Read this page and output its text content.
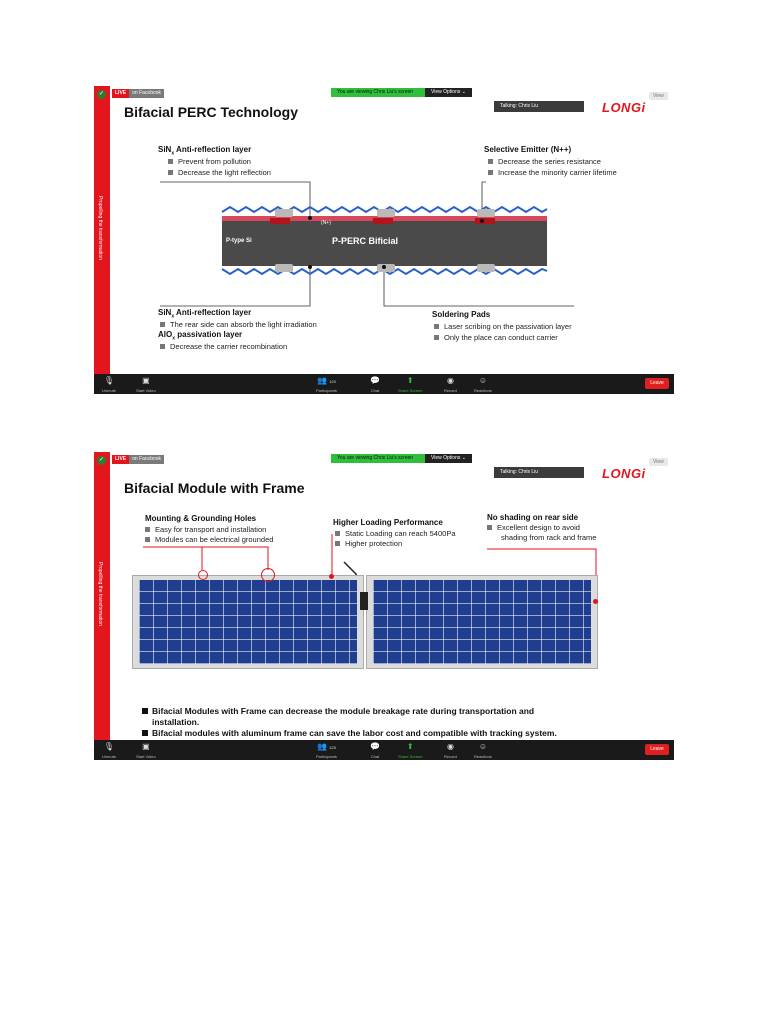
✓
Propelling the transformation
LIVE	on Facebook	You are viewing Chris Liu's screen	View Options ⌄
View
Talking: Chris Liu	LONGi
Bifacial PERC Technology
SiN$_x$ Anti-reflection layer
Prevent from pollution
Decrease the light reflection
Selective Emitter (N++)
Decrease the series resistance
Increase the minority carrier lifetime
(N+)
P-type Si	P-PERC Bificial
SiN$_x$ Anti-reflection layer
The rear side can absorb the light irradiation
AlO$_x$ passivation layer
Decrease the carrier recombination
Soldering Pads
Laser scribing on the passivation layer
Only the place can conduct carrier
🎙
Unmute
▣
Start Video
👥 120
Participants
💬
Chat
⬆
Share Screen
◉
Record
☺
Reactions
Leave
✓
Propelling the transformation
LIVE	on Facebook	You are viewing Chris Liu's screen	View Options ⌄
View
Talking: Chris Liu	LONGi
Bifacial Module with Frame
Mounting & Grounding Holes
Easy for transport and installation
Modules can be electrical grounded
Higher Loading Performance
Static Loading can reach 5400Pa
Higher protection
No shading on rear side
Excellent design to avoid
shading from rack and frame
Bifacial Modules with Frame can decrease the module breakage rate during transportation and
installation.
Bifacial modules with aluminum frame can save the labor cost and compatible with tracking system.
🎙
Unmute
▣
Start Video
👥 125
Participants
💬
Chat
⬆
Share Screen
◉
Record
☺
Reactions
Leave
